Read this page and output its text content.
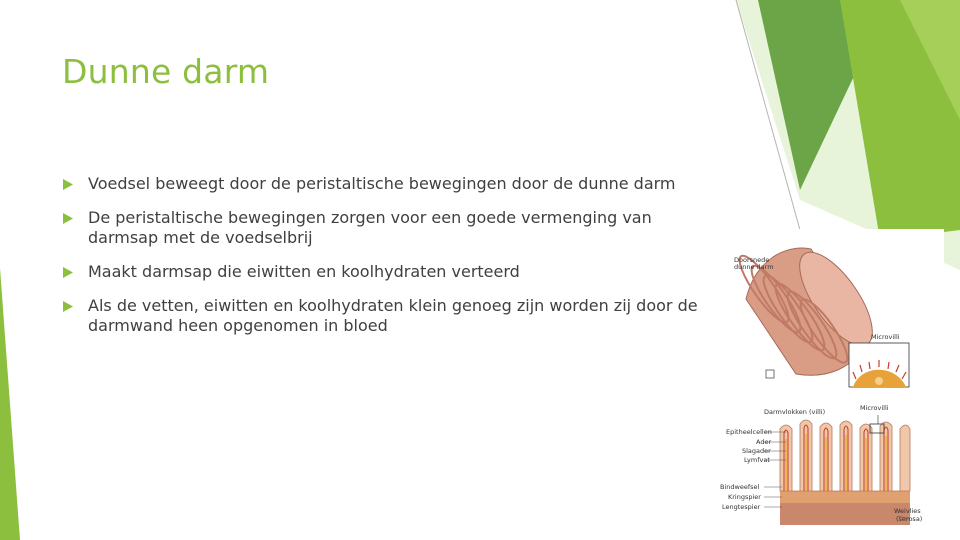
Dunne darm
Voedsel beweegt door de peristaltische bewegingen door de dunne darm
De peristaltische bewegingen zorgen voor een goede vermenging van darmsap met de voedselbrij
Maakt darmsap die eiwitten en koolhydraten verteerd
Als de vetten, eiwitten en koolhydraten klein genoeg zijn worden zij door de darmwand heen opgenomen in bloed
Doorsnede
dunne darm
Microvilli
Darmvlokken (villi)	Microvilli
Epitheelcellen
Ader
Slagader
Lymfvat
Bindweefsel
Kringspier
Lengtespier	Weivlies
(serosa)
